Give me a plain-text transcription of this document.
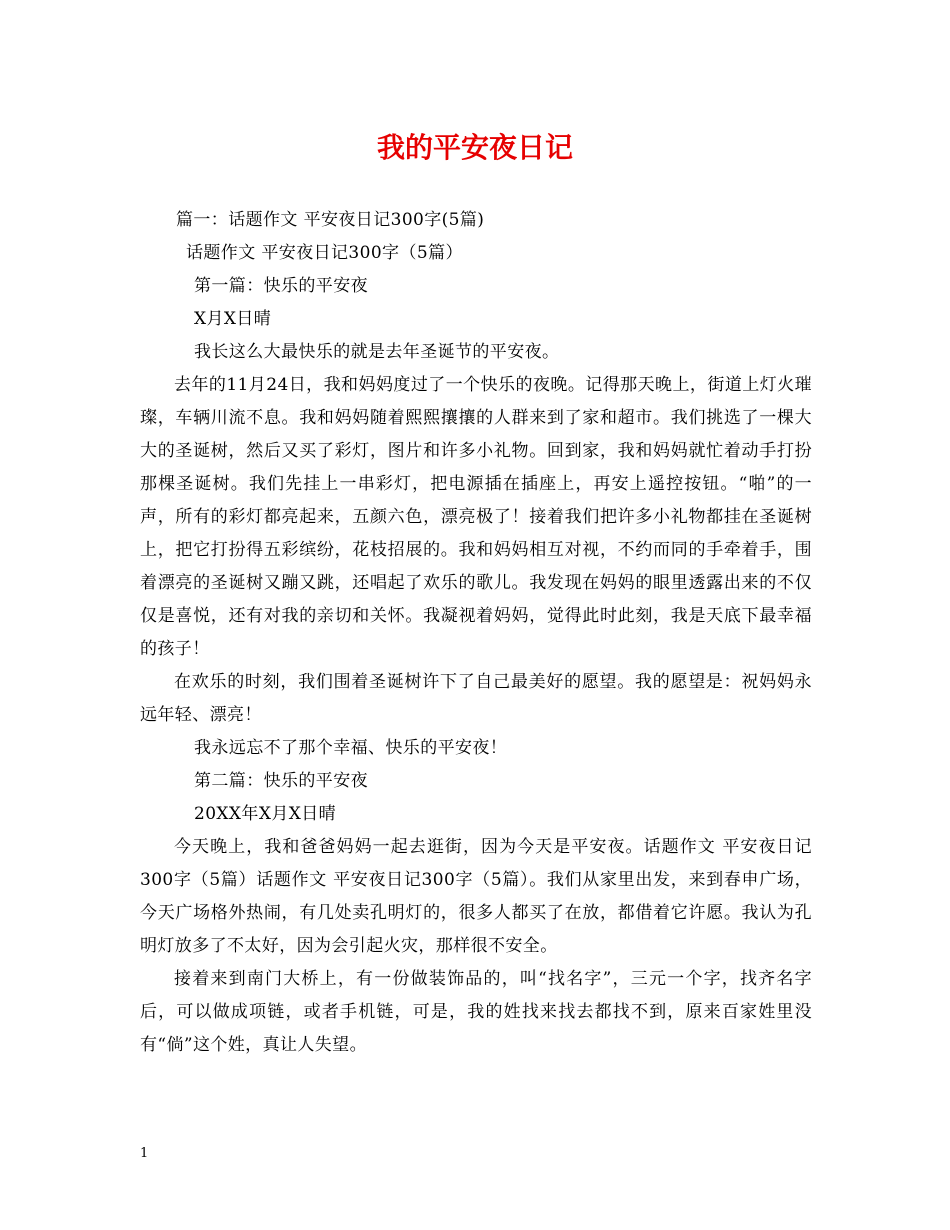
我的平安夜日记

篇一：话题作文 平安夜日记300字(5篇)

话题作文 平安夜日记300字（5篇）

第一篇：快乐的平安夜

X月X日晴

我长这么大最快乐的就是去年圣诞节的平安夜。

去年的11月24日，我和妈妈度过了一个快乐的夜晚。记得那天晚上，街道上灯火璀璨，车辆川流不息。我和妈妈随着熙熙攘攘的人群来到了家和超市。我们挑选了一棵大大的圣诞树，然后又买了彩灯，图片和许多小礼物。回到家，我和妈妈就忙着动手打扮那棵圣诞树。我们先挂上一串彩灯，把电源插在插座上，再安上遥控按钮。“啪”的一声，所有的彩灯都亮起来，五颜六色，漂亮极了！接着我们把许多小礼物都挂在圣诞树上，把它打扮得五彩缤纷，花枝招展的。我和妈妈相互对视，不约而同的手牵着手，围着漂亮的圣诞树又蹦又跳，还唱起了欢乐的歌儿。我发现在妈妈的眼里透露出来的不仅仅是喜悦，还有对我的亲切和关怀。我凝视着妈妈，觉得此时此刻，我是天底下最幸福的孩子！

在欢乐的时刻，我们围着圣诞树许下了自己最美好的愿望。我的愿望是：祝妈妈永远年轻、漂亮！

我永远忘不了那个幸福、快乐的平安夜！

第二篇：快乐的平安夜

20XX年X月X日晴

今天晚上，我和爸爸妈妈一起去逛街，因为今天是平安夜。话题作文 平安夜日记300字（5篇）话题作文 平安夜日记300字（5篇）。我们从家里出发，来到春申广场，今天广场格外热闹，有几处卖孔明灯的，很多人都买了在放，都借着它许愿。我认为孔明灯放多了不太好，因为会引起火灾，那样很不安全。

接着来到南门大桥上，有一份做装饰品的，叫“找名字”，三元一个字，找齐名字后，可以做成项链，或者手机链，可是，我的姓找来找去都找不到，原来百家姓里没有“倘”这个姓，真让人失望。

1
